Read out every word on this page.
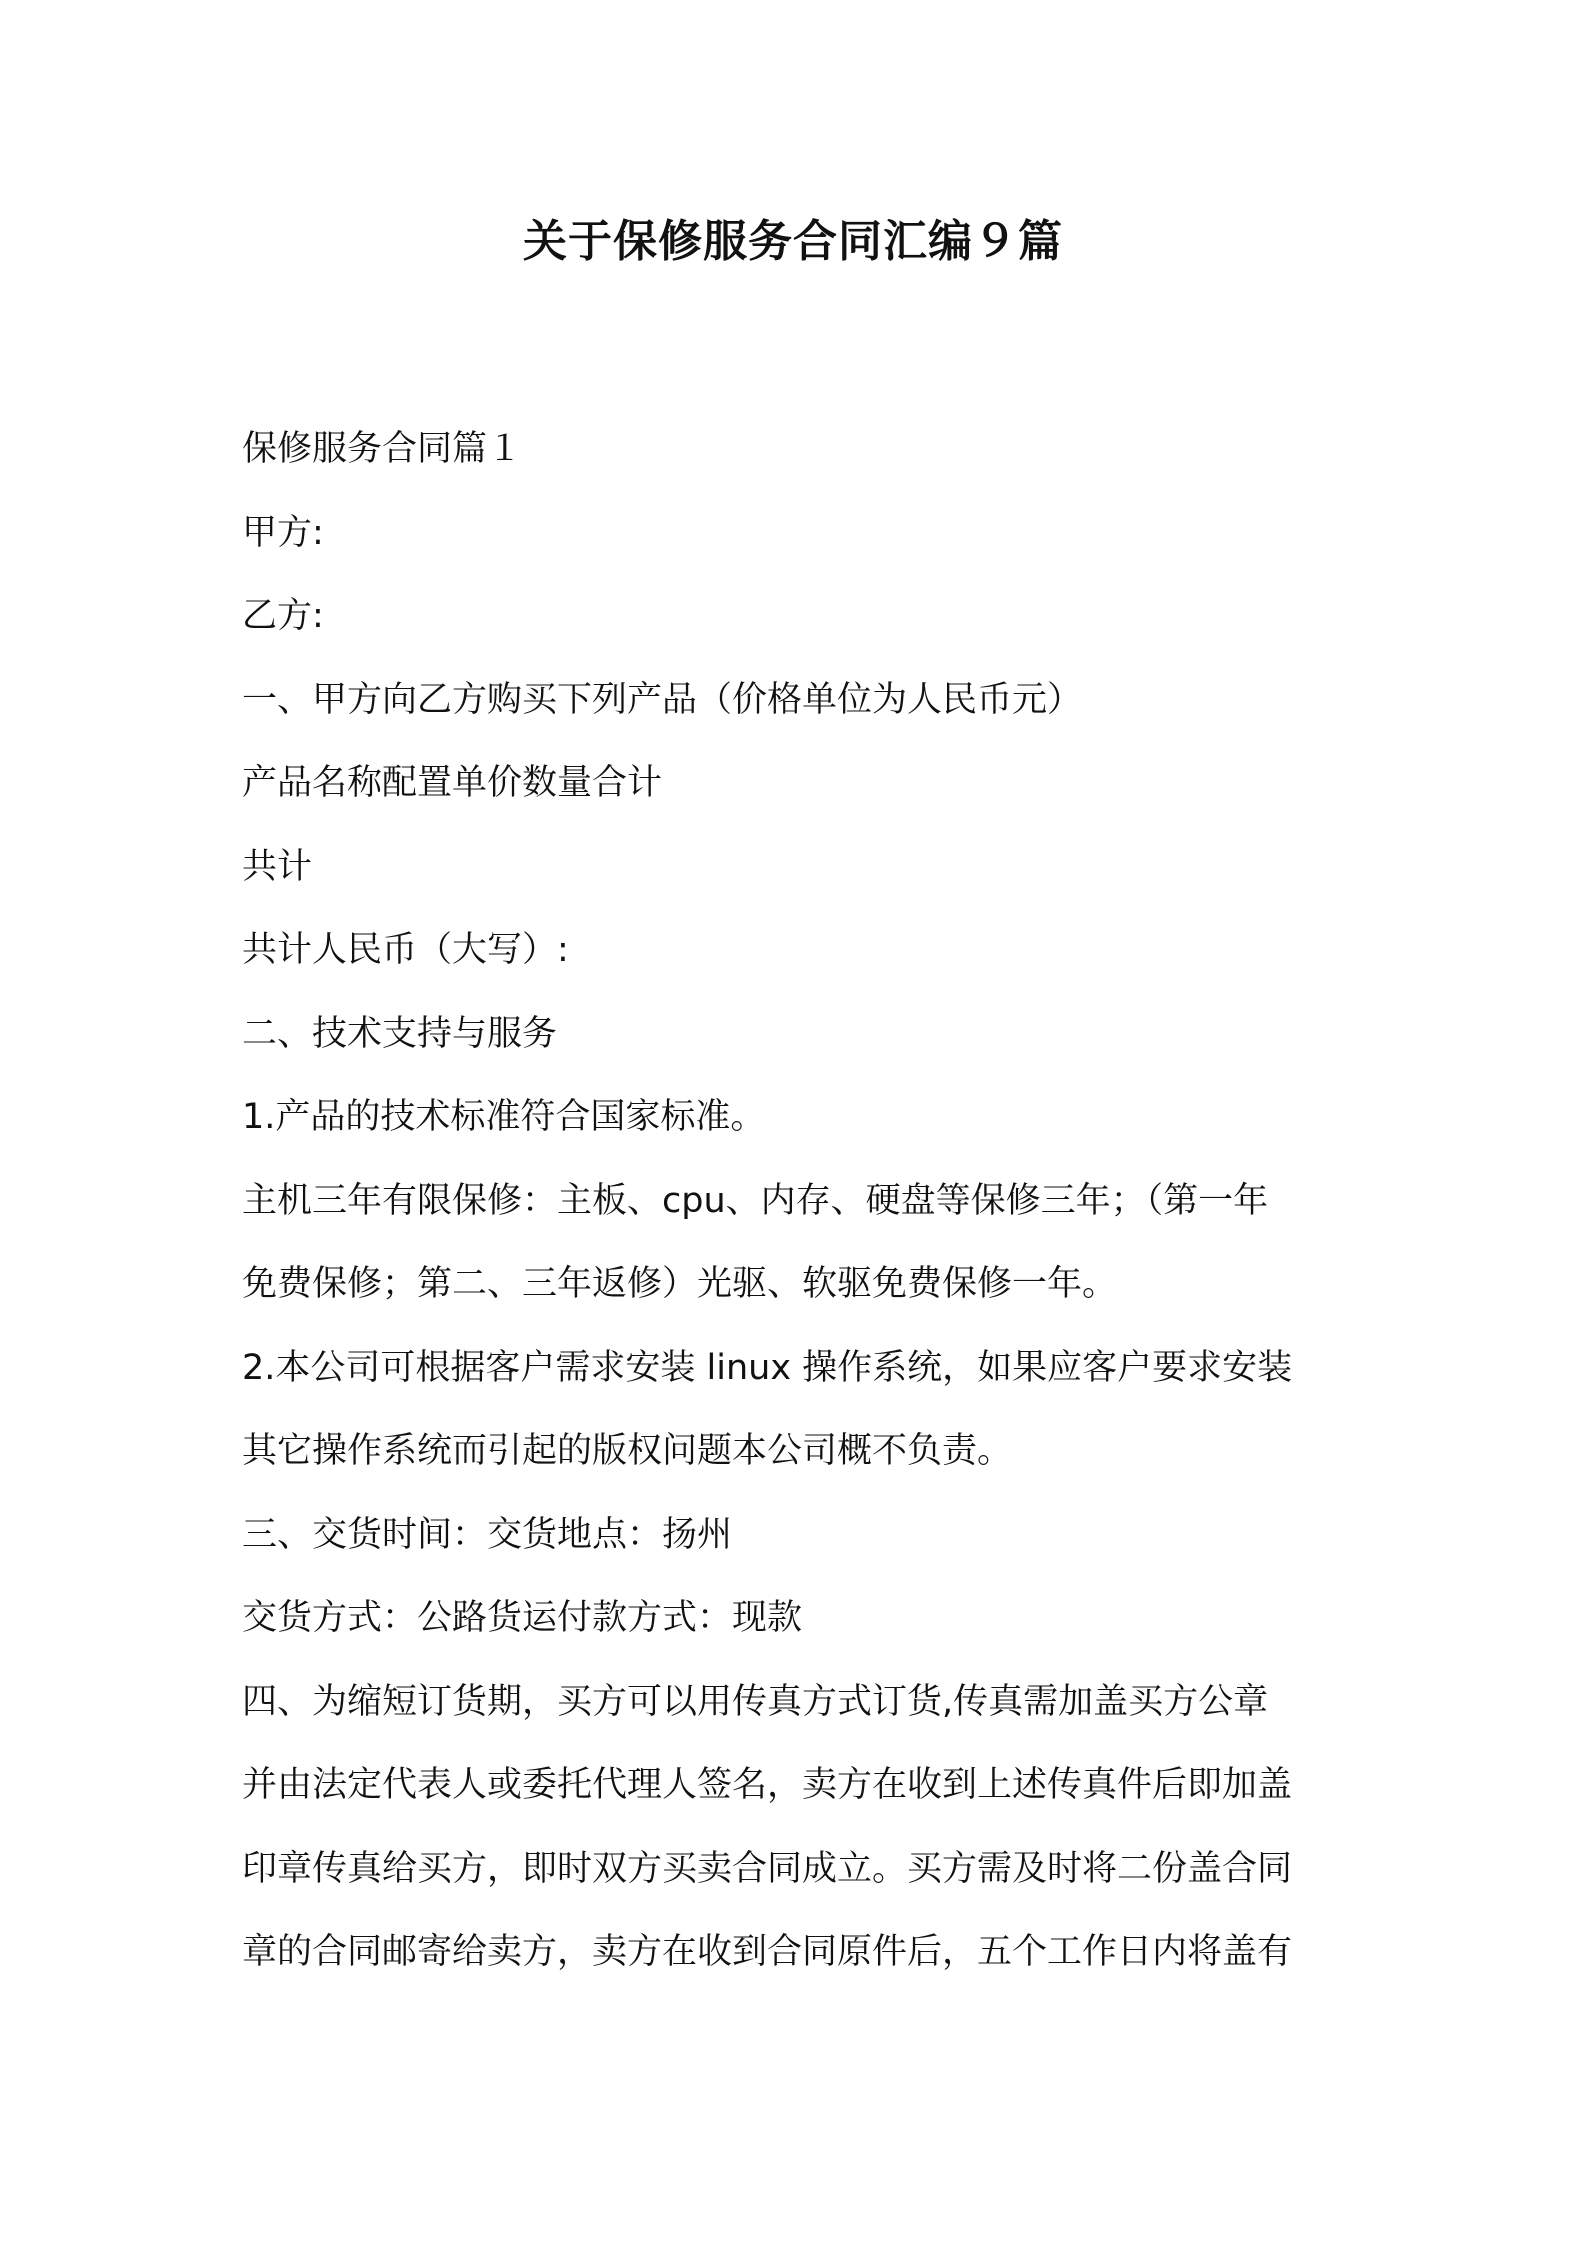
关于保修服务合同汇编９篇

保修服务合同篇１

甲方:

乙方:

一、甲方向乙方购买下列产品（价格单位为人民币元）

产品名称配置单价数量合计

共计

共计人民币（大写）:

二、技术支持与服务

1.产品的技术标准符合国家标准。

主机三年有限保修：主板、cpu、内存、硬盘等保修三年；（第一年

免费保修；第二、三年返修）光驱、软驱免费保修一年。

2.本公司可根据客户需求安装 linux 操作系统，如果应客户要求安装

其它操作系统而引起的版权问题本公司概不负责。

三、交货时间：交货地点：扬州

交货方式：公路货运付款方式：现款

四、为缩短订货期，买方可以用传真方式订货,传真需加盖买方公章

并由法定代表人或委托代理人签名，卖方在收到上述传真件后即加盖

印章传真给买方，即时双方买卖合同成立。买方需及时将二份盖合同

章的合同邮寄给卖方，卖方在收到合同原件后，五个工作日内将盖有
